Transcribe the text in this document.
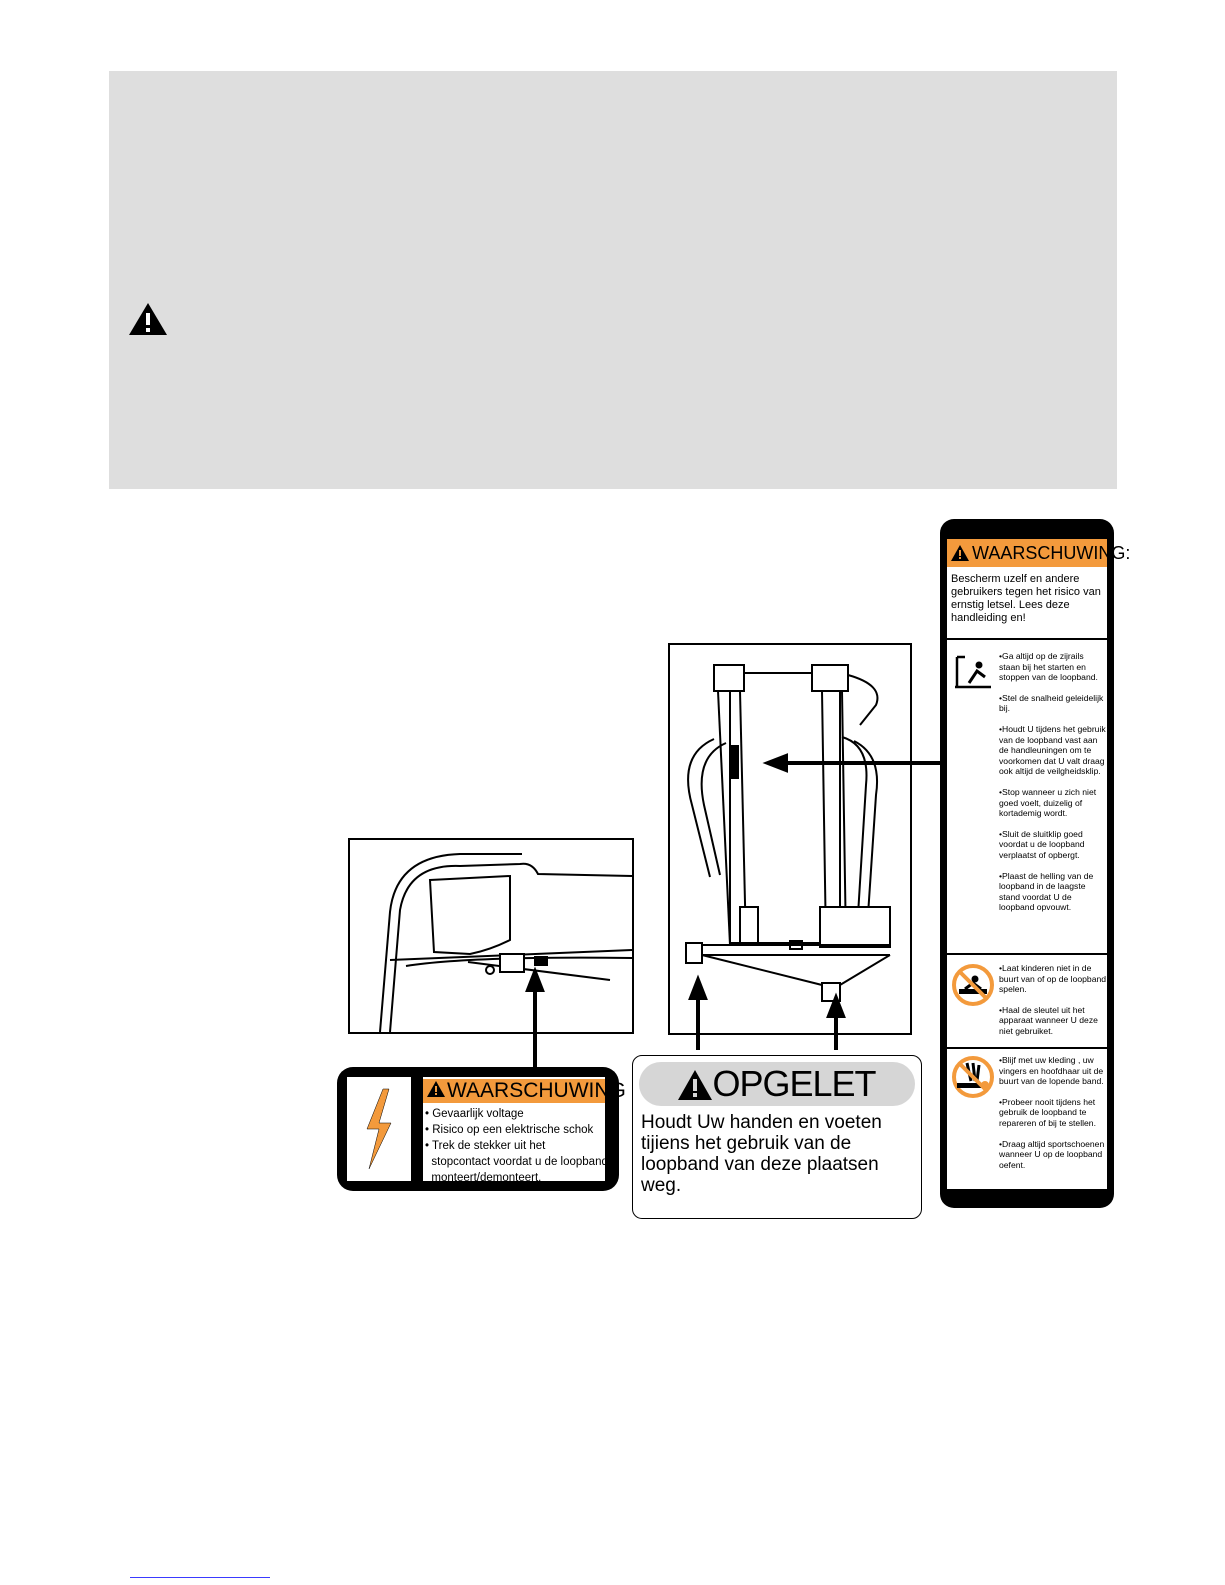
WAARSCHUWING
• Gevaarlijk voltage
• Risico op een elektrische schok
• Trek de stekker uit het
stopcontact voordat u de loopband
monteert/demonteert.
OPGELET
Houdt Uw handen en voeten tijiens het gebruik van de loopband van deze plaatsen weg.
WAARSCHUWING:
Bescherm uzelf en andere gebruikers tegen het risico van ernstig letsel. Lees deze handleiding en!

•Ga altijd op de zijrails staan bij het starten en stoppen van de loopband.

•Stel de snalheid geleidelijk bij.

•Houdt U tijdens het gebruik van de loopband vast aan de handleuningen om te voorkomen dat U valt draag ook altijd de veilgheidsklip.

•Stop wanneer u zich niet goed voelt, duizelig of kortademig wordt.

•Sluit de sluitklip goed voordat u de loopband verplaatst of opbergt.

•Plaast de helling van de loopband in de laagste stand voordat U de loopband opvouwt.

•Laat kinderen niet in de buurt van of op de loopband spelen.

•Haal de sleutel uit het apparaat wanneer U deze niet gebruiket.

•Blijf met uw kleding , uw vingers en hoofdhaar uit de buurt van de lopende band.

•Probeer nooit tijdens het gebruik de loopband te repareren of bij te stellen.

•Draag altijd sportschoenen wanneer U op de loopband oefent.
